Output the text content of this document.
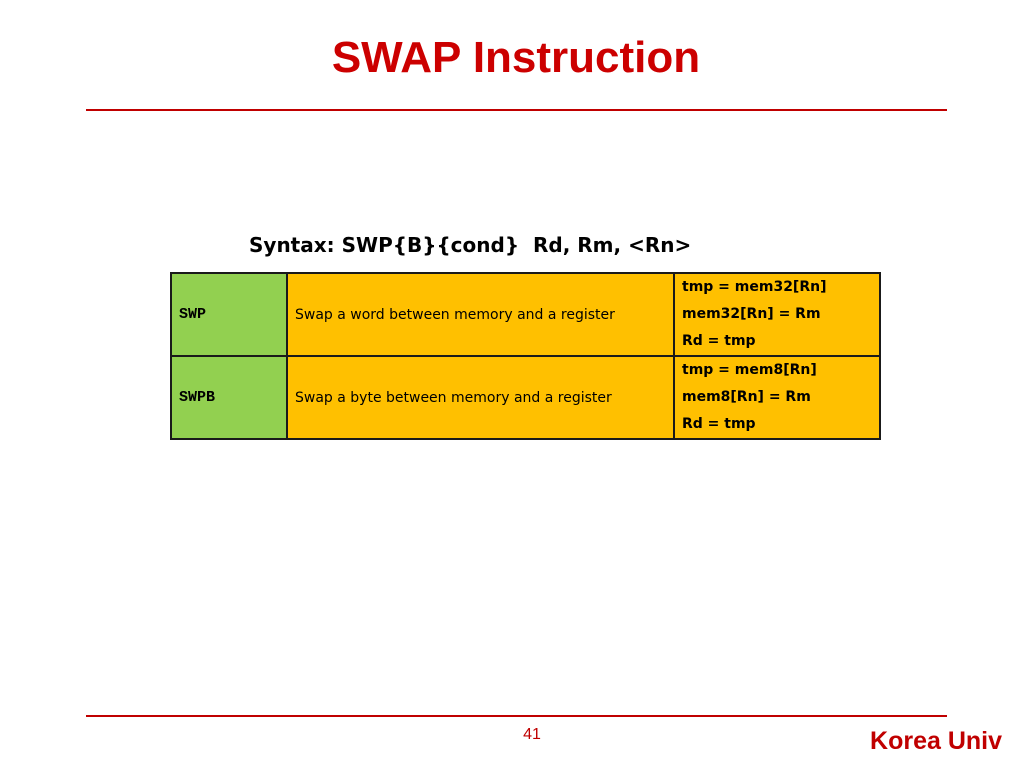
SWAP Instruction
Syntax: SWP{B}{cond}  Rd, Rm, <Rn>
SWP	Swap a word between memory and a register	tmp = mem32[Rn]
mem32[Rn] = Rm
Rd = tmp

SWPB	Swap a byte between memory and a register	tmp = mem8[Rn]
mem8[Rn] = Rm
Rd = tmp
41	Korea Univ
